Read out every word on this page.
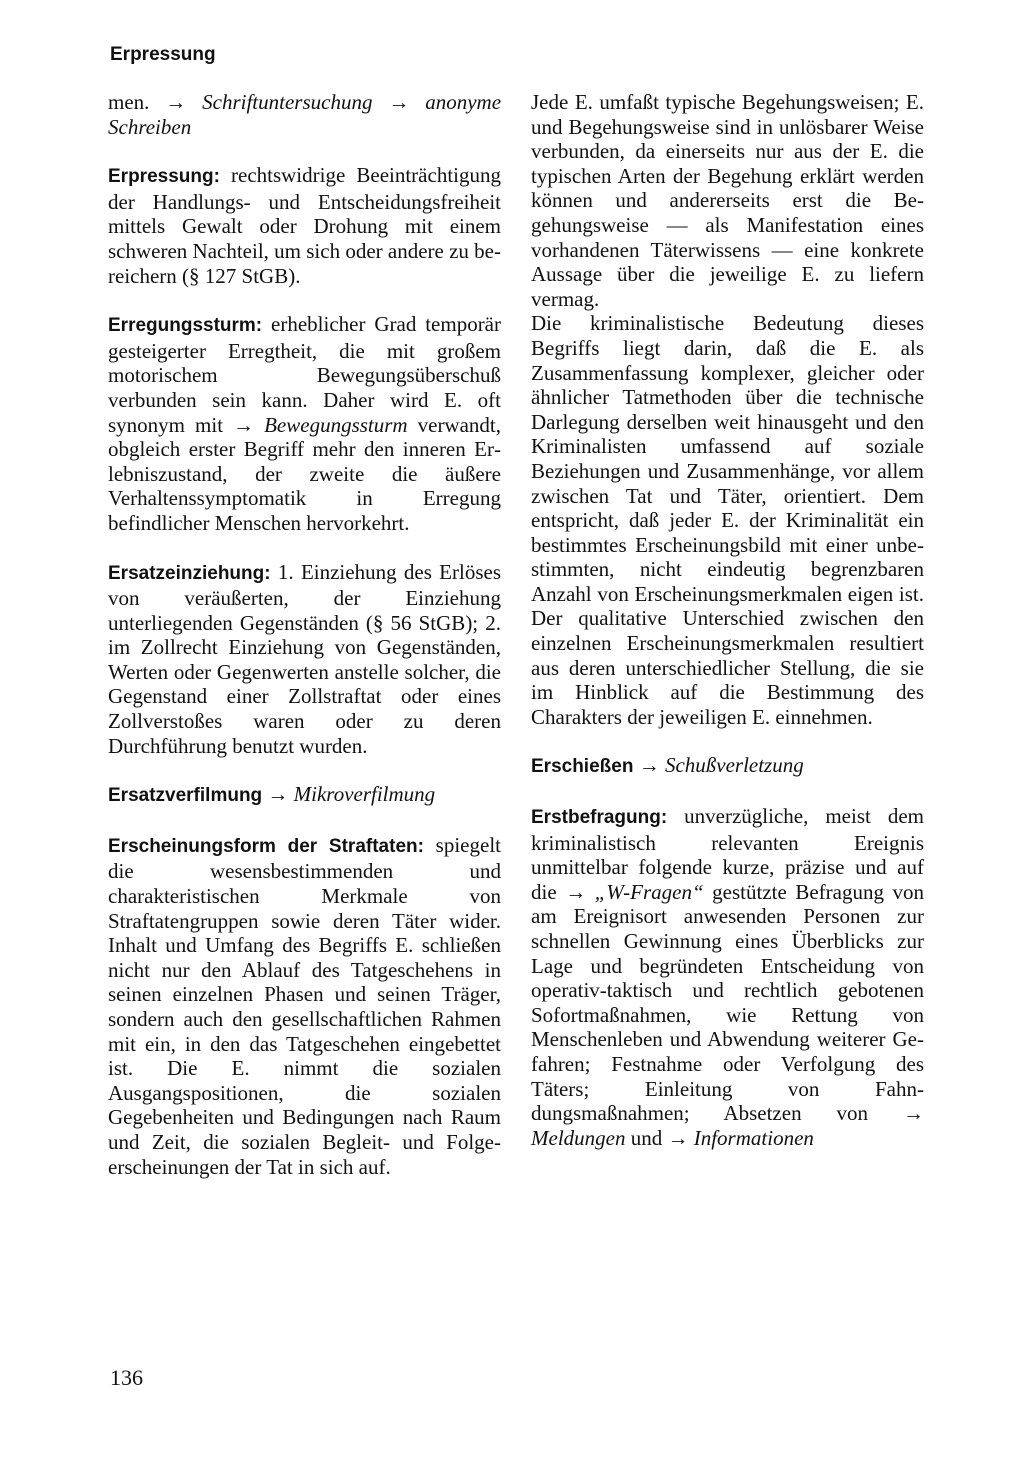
Erpressung

men. → Schriftuntersuchung → anonyme Schreiben

Erpressung: rechtswidrige Beeinträchtigung der Handlungs- und Entscheidungsfreiheit mittels Gewalt oder Drohung mit einem schweren Nachteil, um sich oder andere zu bereichern (§ 127 StGB).

Erregungssturm: erheblicher Grad temporär gesteigerter Erregtheit, die mit großem motorischem Bewegungsüberschuß verbunden sein kann. Daher wird E. oft synonym mit → Bewegungssturm verwandt, obgleich erster Begriff mehr den inneren Erlebniszustand, der zweite die äußere Verhaltenssymptomatik in Erregung befindlicher Menschen hervorkehrt.

Ersatzeinziehung: 1. Einziehung des Erlöses von veräußerten, der Einziehung unterliegenden Gegenständen (§ 56 StGB); 2. im Zollrecht Einziehung von Gegenständen, Werten oder Gegenwerten anstelle solcher, die Gegenstand einer Zollstraftat oder eines Zollverstoßes waren oder zu deren Durchführung benutzt wurden.

Ersatzverfilmung → Mikroverfilmung

Erscheinungsform der Straftaten: spiegelt die wesensbestimmenden und charakteristischen Merkmale von Straftatengruppen sowie deren Täter wider. Inhalt und Umfang des Begriffs E. schließen nicht nur den Ablauf des Tatgeschehens in seinen einzelnen Phasen und seinen Träger, sondern auch den gesellschaftlichen Rahmen mit ein, in den das Tatgeschehen eingebettet ist. Die E. nimmt die sozialen Ausgangspositionen, die sozialen Gegebenheiten und Bedingungen nach Raum und Zeit, die sozialen Begleit- und Folgeerscheinungen der Tat in sich auf.

Jede E. umfaßt typische Begehungsweisen; E. und Begehungsweise sind in unlösbarer Weise verbunden, da einerseits nur aus der E. die typischen Arten der Begehung erklärt werden können und andererseits erst die Begehungsweise — als Manifestation eines vorhandenen Täterwissens — eine konkrete Aussage über die jeweilige E. zu liefern vermag.

Die kriminalistische Bedeutung dieses Begriffs liegt darin, daß die E. als Zusammenfassung komplexer, gleicher oder ähnlicher Tatmethoden über die technische Darlegung derselben weit hinausgeht und den Kriminalisten umfassend auf soziale Beziehungen und Zusammenhänge, vor allem zwischen Tat und Täter, orientiert. Dem entspricht, daß jeder E. der Kriminalität ein bestimmtes Erscheinungsbild mit einer unbestimmten, nicht eindeutig begrenzbaren Anzahl von Erscheinungsmerkmalen eigen ist. Der qualitative Unterschied zwischen den einzelnen Erscheinungsmerkmalen resultiert aus deren unterschiedlicher Stellung, die sie im Hinblick auf die Bestimmung des Charakters der jeweiligen E. einnehmen.

Erschießen → Schußverletzung

Erstbefragung: unverzügliche, meist dem kriminalistisch relevanten Ereignis unmittelbar folgende kurze, präzise und auf die → „W-Fragen“ gestützte Befragung von am Ereignisort anwesenden Personen zur schnellen Gewinnung eines Überblicks zur Lage und begründeten Entscheidung von operativ-taktisch und rechtlich gebotenen Sofortmaßnahmen, wie Rettung von Menschenleben und Abwendung weiterer Gefahren; Festnahme oder Verfolgung des Täters; Einleitung von Fahndungsmaßnahmen; Absetzen von → Meldungen und → Informationen

136
